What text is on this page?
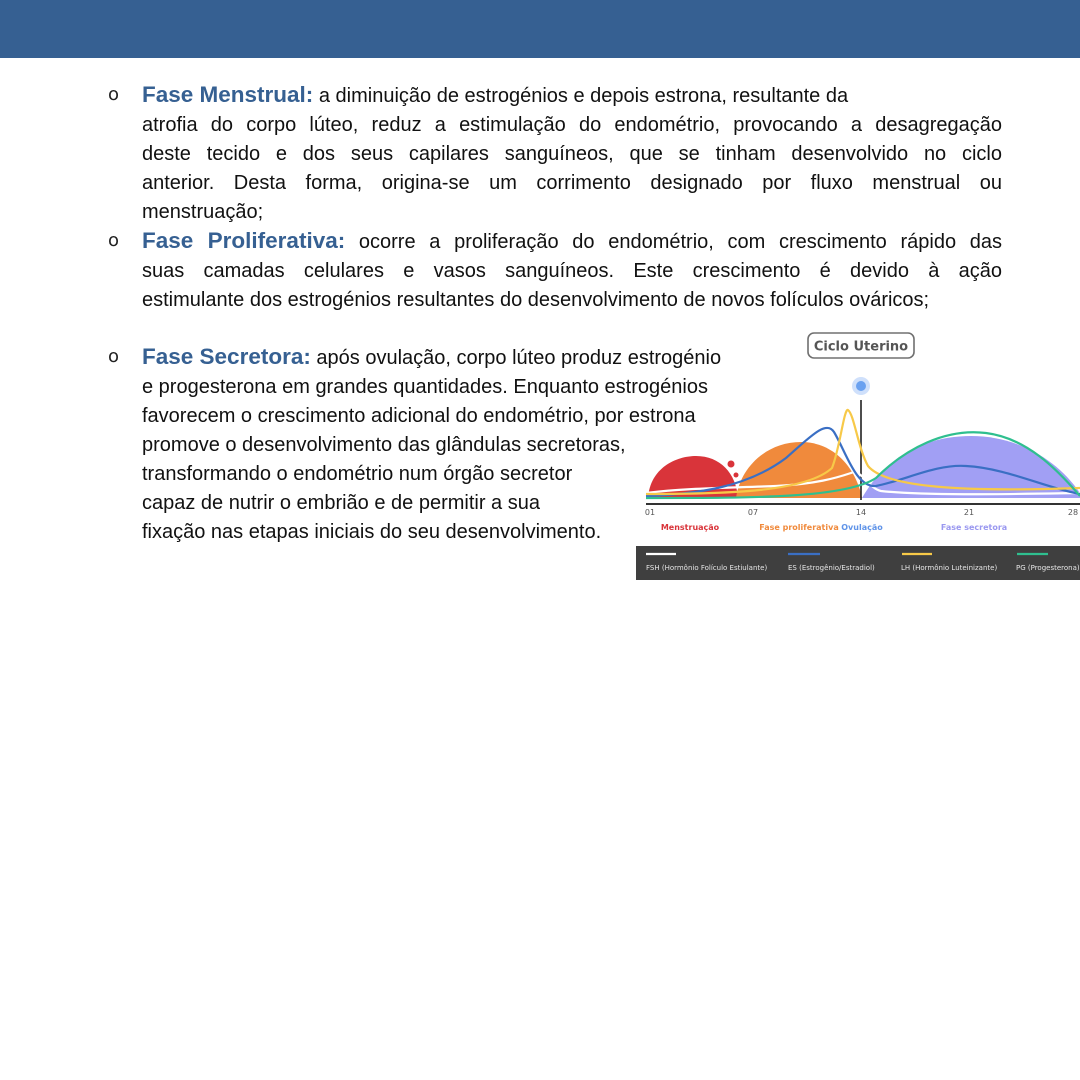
o Fase Menstrual: a diminuição de estrogénios e depois estrona, resultante da
atrofia do corpo lúteo, reduz a estimulação do endométrio, provocando a desagregação
deste tecido e dos seus capilares sanguíneos, que se tinham desenvolvido no ciclo
anterior. Desta forma, origina-se um corrimento designado por fluxo menstrual ou
menstruação;
o Fase Proliferativa: ocorre a proliferação do endométrio, com crescimento rápido das
suas camadas celulares e vasos sanguíneos. Este crescimento é devido à ação
estimulante dos estrogénios resultantes do desenvolvimento de novos folículos ováricos;
o Fase Secretora: após ovulação, corpo lúteo produz estrogénio
e progesterona em grandes quantidades. Enquanto estrogénios
favorecem o crescimento adicional do endométrio, por estrona
promove o desenvolvimento das glândulas secretoras,
transformando o endométrio num órgão secretor
capaz de nutrir o embrião e de permitir a sua
fixação nas etapas iniciais do seu desenvolvimento.
Ciclo Uterino
01	07	14	21	28
Menstruação	Fase proliferativa Ovulação	Fase secretora
FSH (Hormônio Folículo Estiulante)	ES (Estrogênio/Estradiol)	LH (Hormônio Luteinizante)	PG (Progesterona)
